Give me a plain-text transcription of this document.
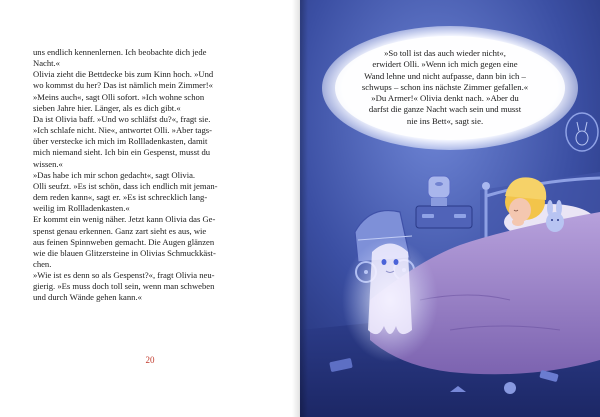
uns endlich kennenlernen. Ich beobachte dich jede
Nacht.«
Olivia zieht die Bettdecke bis zum Kinn hoch. »Und
wo kommst du her? Das ist nämlich mein Zimmer!«
»Meins auch«, sagt Olli sofort. »Ich wohne schon
sieben Jahre hier. Länger, als es dich gibt.«
Da ist Olivia baff. »Und wo schläfst du?«, fragt sie.
»Ich schlafe nicht. Nie«, antwortet Olli. »Aber tags-
über verstecke ich mich im Rollladenkasten, damit
mich niemand sieht. Ich bin ein Gespenst, musst du
wissen.«
»Das habe ich mir schon gedacht«, sagt Olivia.
Olli seufzt. »Es ist schön, dass ich endlich mit jeman-
dem reden kann«, sagt er. »Es ist schrecklich lang-
weilig im Rollladenkasten.«
Er kommt ein wenig näher. Jetzt kann Olivia das Ge-
spenst genau erkennen. Ganz zart sieht es aus, wie
aus feinen Spinnweben gemacht. Die Augen glänzen
wie die blauen Glitzersteine in Olivias Schmuckkäst-
chen.
»Wie ist es denn so als Gespenst?«, fragt Olivia neu-
gierig. »Es muss doch toll sein, wenn man schweben
und durch Wände gehen kann.«
20
»So toll ist das auch wieder nicht«,
erwidert Olli. »Wenn ich mich gegen eine
Wand lehne und nicht aufpasse, dann bin ich –
schwups – schon ins nächste Zimmer gefallen.«
»Du Armer!« Olivia denkt nach. »Aber du
darfst die ganze Nacht wach sein und musst
nie ins Bett«, sagt sie.
